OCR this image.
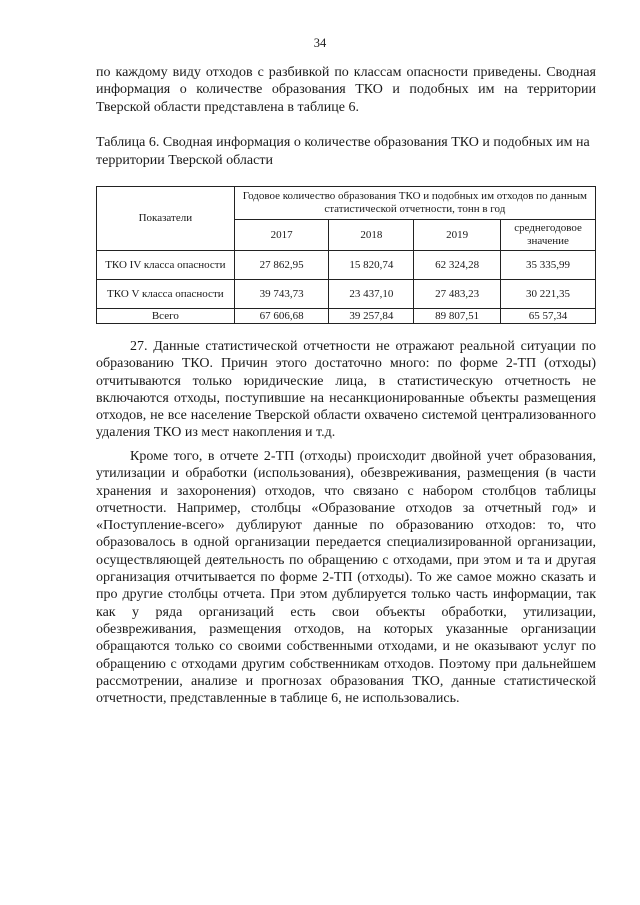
34

по каждому виду отходов с разбивкой по классам опасности приведены. Сводная информация о количестве образования ТКО и подобных им на территории Тверской области представлена в таблице 6.

Таблица 6. Сводная информация о количестве образования ТКО и подобных им на территории Тверской области

Показатели	Годовое количество образования ТКО и подобных им отходов по данным статистической отчетности, тонн в год			
	2017	2018	2019	среднегодовое значение
ТКО IV класса опасности	27 862,95	15 820,74	62 324,28	35 335,99
ТКО V класса опасности	39 743,73	23 437,10	27 483,23	30 221,35
Всего	67 606,68	39 257,84	89 807,51	65 57,34

27. Данные статистической отчетности не отражают реальной ситуации по образованию ТКО. Причин этого достаточно много: по форме 2-ТП (отходы) отчитываются только юридические лица, в статистическую отчетность не включаются отходы, поступившие на несанкционированные объекты размещения отходов, не все население Тверской области охвачено системой централизованного удаления ТКО из мест накопления и т.д.

Кроме того, в отчете 2-ТП (отходы) происходит двойной учет образования, утилизации и обработки (использования), обезвреживания, размещения (в части хранения и захоронения) отходов, что связано с набором столбцов таблицы отчетности. Например, столбцы «Образование отходов за отчетный год» и «Поступление-всего» дублируют данные по образованию отходов: то, что образовалось в одной организации передается специализированной организации, осуществляющей деятельность по обращению с отходами, при этом и та и другая организация отчитывается по форме 2-ТП (отходы). То же самое можно сказать и про другие столбцы отчета. При этом дублируется только часть информации, так как у ряда организаций есть свои объекты обработки, утилизации, обезвреживания, размещения отходов, на которых указанные организации обращаются только со своими собственными отходами, и не оказывают услуг по обращению с отходами другим собственникам отходов. Поэтому при дальнейшем рассмотрении, анализе и прогнозах образования ТКО, данные статистической отчетности, представленные в таблице 6, не использовались.
